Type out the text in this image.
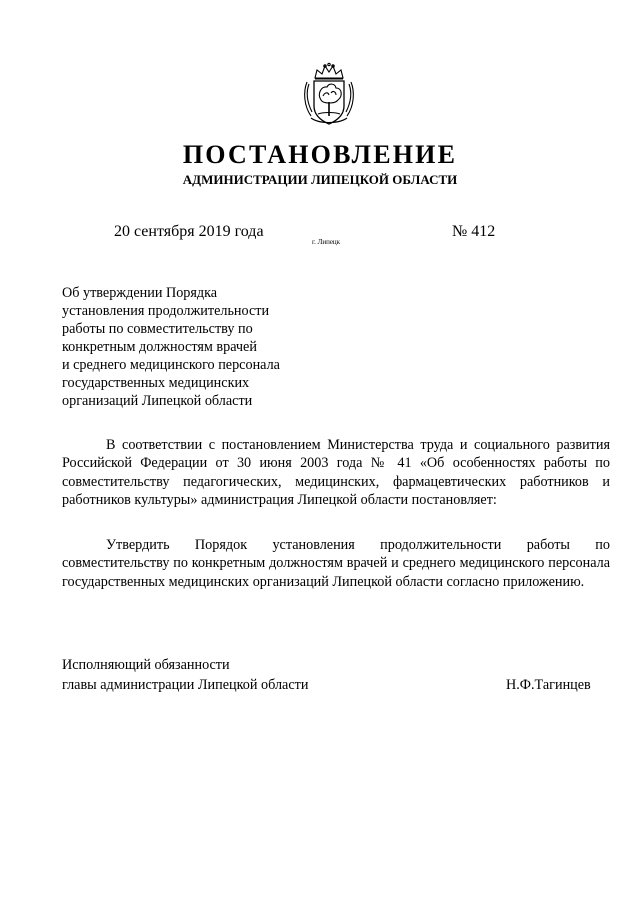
ПОСТАНОВЛЕНИЕ
АДМИНИСТРАЦИИ ЛИПЕЦКОЙ ОБЛАСТИ
20 сентября 2019 года
г. Липецк
№ 412
Об утверждении Порядка
установления продолжительности
работы по совместительству по
конкретным должностям врачей
и среднего медицинского персонала
государственных медицинских
организаций Липецкой области

В соответствии с постановлением Министерства труда и социального развития Российской Федерации от 30 июня 2003 года № 41 «Об особенностях работы по совместительству педагогических, медицинских, фармацевтических работников и работников культуры» администрация Липецкой области постановляет:

Утвердить Порядок установления продолжительности работы по совместительству по конкретным должностям врачей и среднего медицинского персонала государственных медицинских организаций Липецкой области согласно приложению.

Исполняющий обязанности
главы администрации Липецкой области	Н.Ф.Тагинцев
